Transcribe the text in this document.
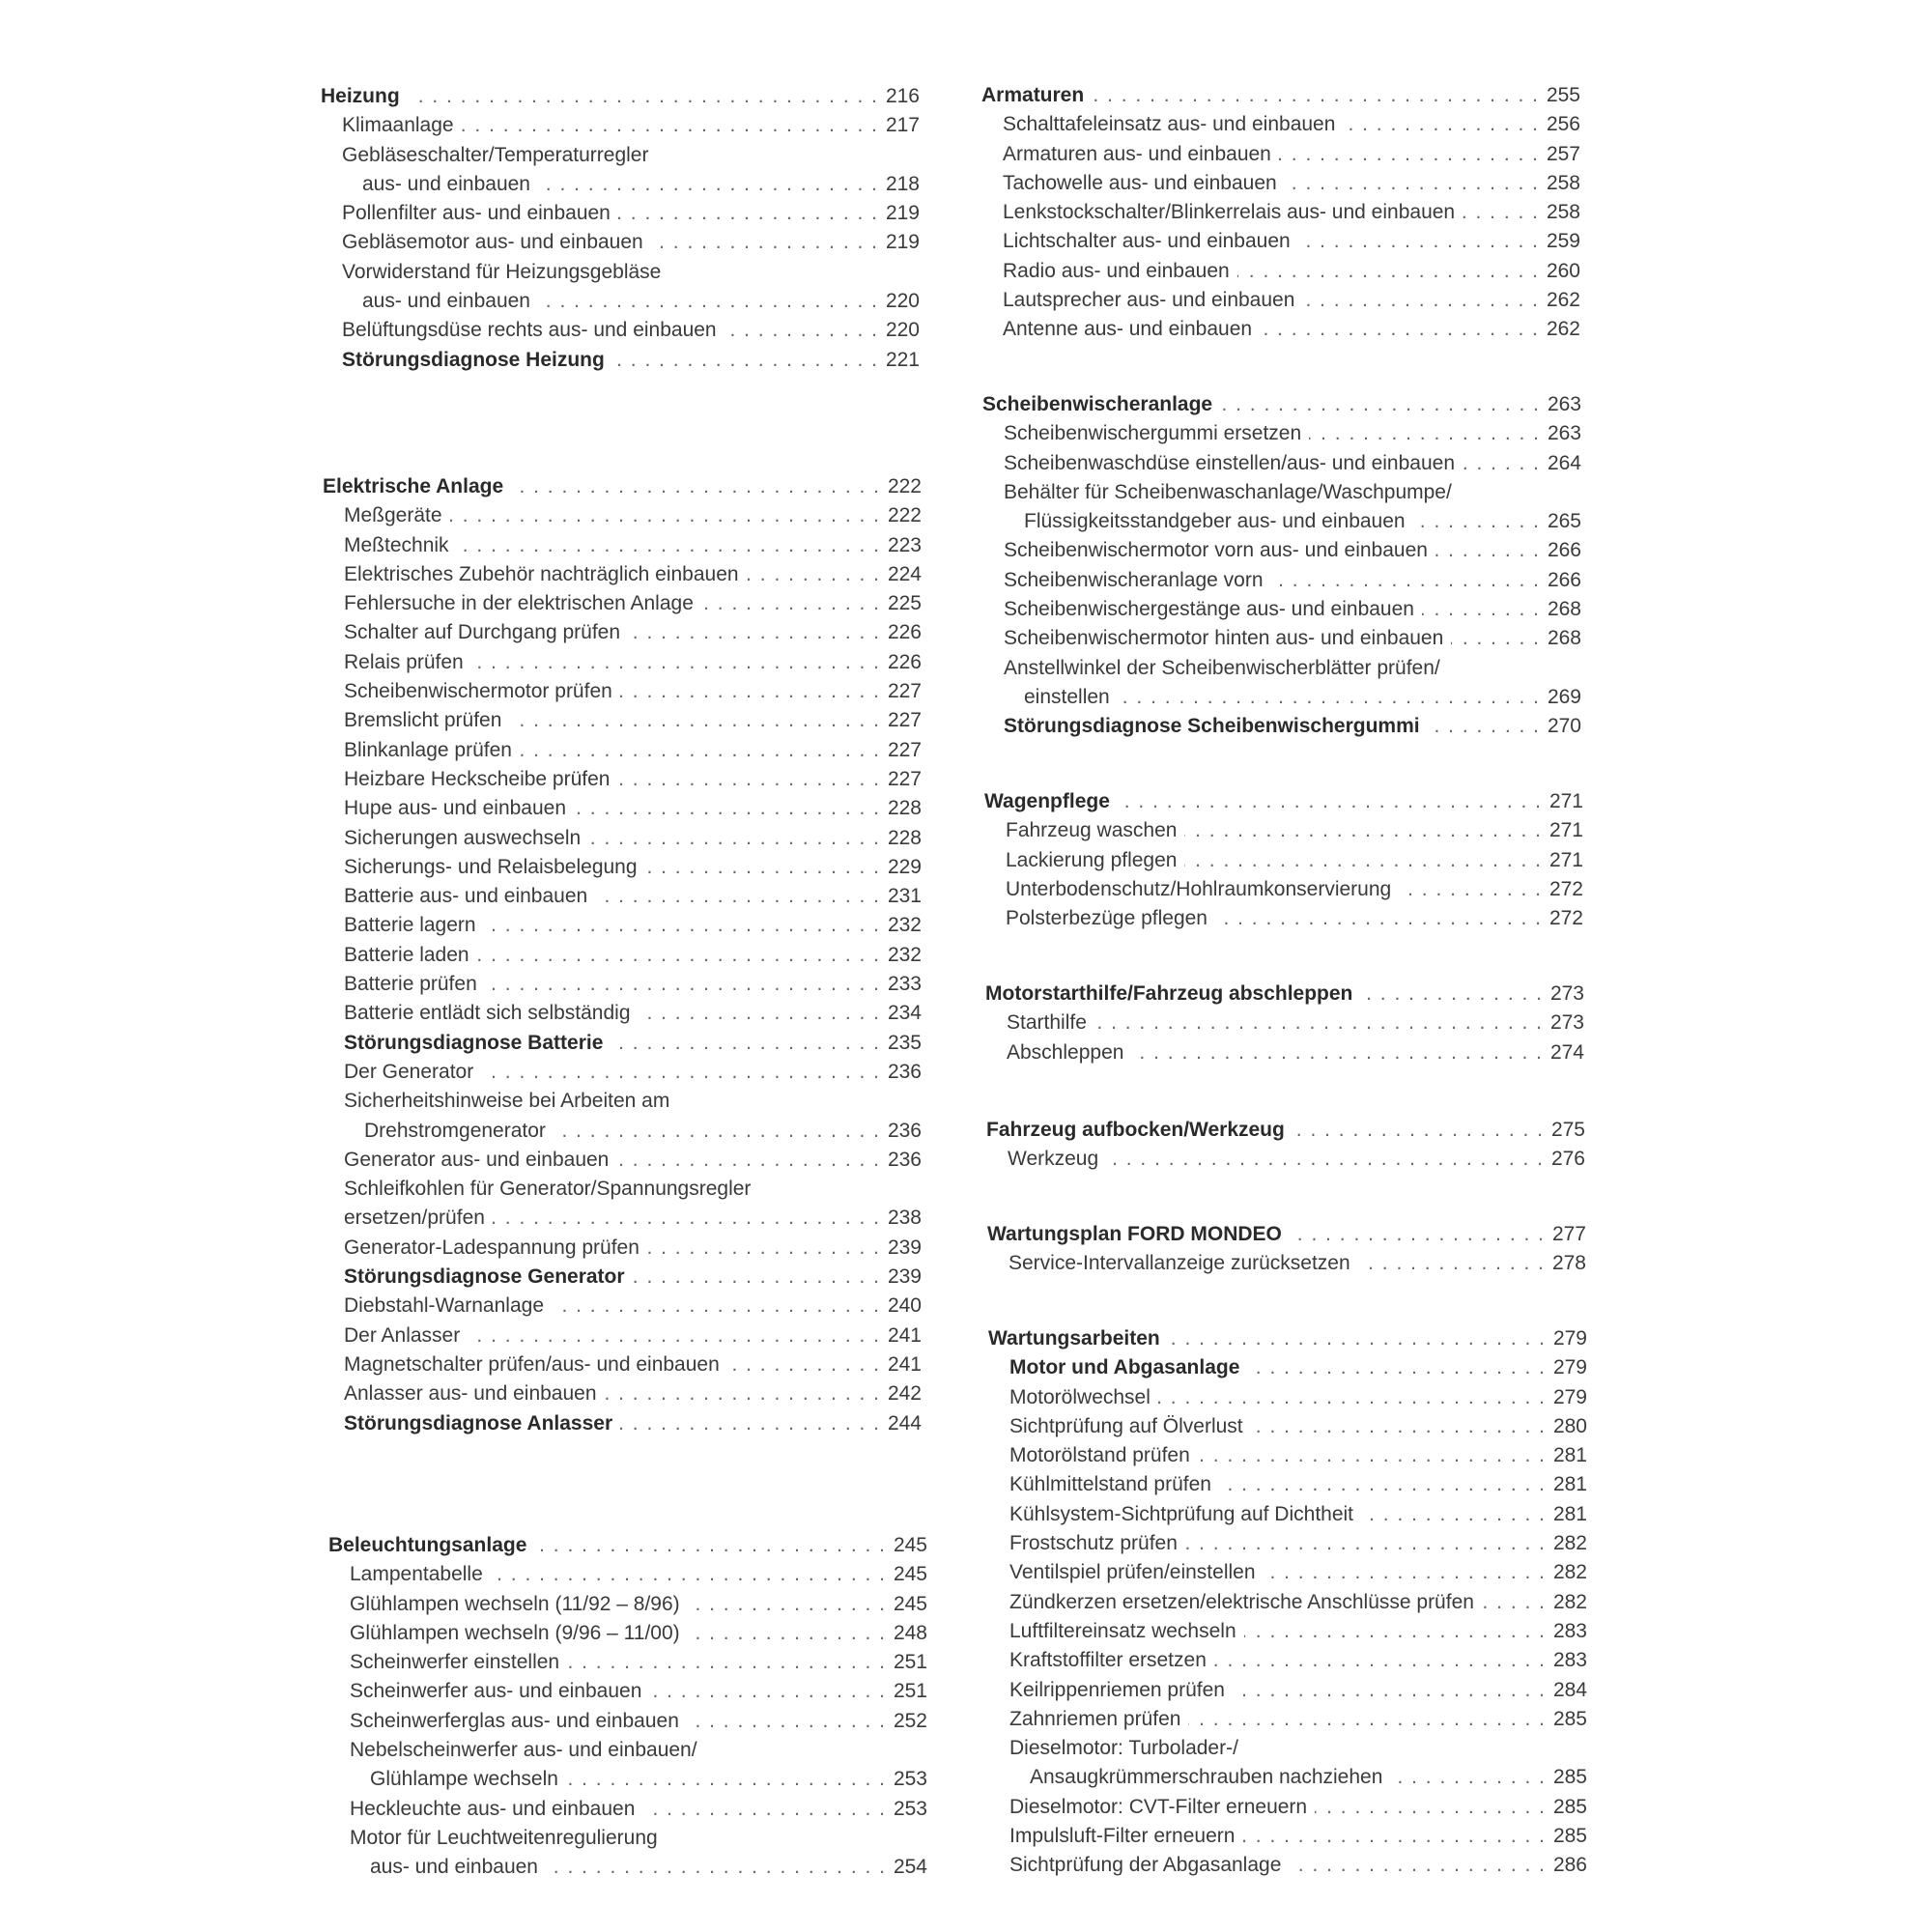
Heizung . . .	216
Klimaanlage . . .	217
Gebläseschalter/Temperaturregler
aus- und einbauen . . .	218
Pollenfilter aus- und einbauen . . .	219
Gebläsemotor aus- und einbauen . . .	219
Vorwiderstand für Heizungsgebläse
aus- und einbauen . . .	220
Belüftungsdüse rechts aus- und einbauen . . .	220
Störungsdiagnose Heizung . . .	221
Elektrische Anlage . . .	222
Meßgeräte . . .	222
Meßtechnik . . .	223
Elektrisches Zubehör nachträglich einbauen . . .	224
Fehlersuche in der elektrischen Anlage . . .	225
Schalter auf Durchgang prüfen . . .	226
Relais prüfen . . .	226
Scheibenwischermotor prüfen . . .	227
Bremslicht prüfen . . .	227
Blinkanlage prüfen . . .	227
Heizbare Heckscheibe prüfen . . .	227
Hupe aus- und einbauen . . .	228
Sicherungen auswechseln . . .	228
Sicherungs- und Relaisbelegung . . .	229
Batterie aus- und einbauen . . .	231
Batterie lagern . . .	232
Batterie laden . . .	232
Batterie prüfen . . .	233
Batterie entlädt sich selbständig . . .	234
Störungsdiagnose Batterie . . .	235
Der Generator . . .	236
Sicherheitshinweise bei Arbeiten am
Drehstromgenerator . . .	236
Generator aus- und einbauen . . .	236
Schleifkohlen für Generator/Spannungsregler
ersetzen/prüfen . . .	238
Generator-Ladespannung prüfen . . .	239
Störungsdiagnose Generator . . .	239
Diebstahl-Warnanlage . . .	240
Der Anlasser . . .	241
Magnetschalter prüfen/aus- und einbauen . . .	241
Anlasser aus- und einbauen . . .	242
Störungsdiagnose Anlasser . . .	244
Beleuchtungsanlage . . .	245
Lampentabelle . . .	245
Glühlampen wechseln (11/92 – 8/96) . . .	245
Glühlampen wechseln (9/96 – 11/00) . . .	248
Scheinwerfer einstellen . . .	251
Scheinwerfer aus- und einbauen . . .	251
Scheinwerferglas aus- und einbauen . . .	252
Nebelscheinwerfer aus- und einbauen/
Glühlampe wechseln . . .	253
Heckleuchte aus- und einbauen . . .	253
Motor für Leuchtweitenregulierung
aus- und einbauen . . .	254
Armaturen . . .	255
Schalttafeleinsatz aus- und einbauen . . .	256
Armaturen aus- und einbauen . . .	257
Tachowelle aus- und einbauen . . .	258
Lenkstockschalter/Blinkerrelais aus- und einbauen . . .	258
Lichtschalter aus- und einbauen . . .	259
Radio aus- und einbauen . . .	260
Lautsprecher aus- und einbauen . . .	262
Antenne aus- und einbauen . . .	262
Scheibenwischeranlage . . .	263
Scheibenwischergummi ersetzen . . .	263
Scheibenwaschdüse einstellen/aus- und einbauen . . .	264
Behälter für Scheibenwaschanlage/Waschpumpe/
Flüssigkeitsstandgeber aus- und einbauen . . .	265
Scheibenwischermotor vorn aus- und einbauen . . .	266
Scheibenwischeranlage vorn . . .	266
Scheibenwischergestänge aus- und einbauen . . .	268
Scheibenwischermotor hinten aus- und einbauen . . .	268
Anstellwinkel der Scheibenwischerblätter prüfen/
einstellen . . .	269
Störungsdiagnose Scheibenwischergummi . . .	270
Wagenpflege . . .	271
Fahrzeug waschen . . .	271
Lackierung pflegen . . .	271
Unterbodenschutz/Hohlraumkonservierung . . .	272
Polsterbezüge pflegen . . .	272
Motorstarthilfe/Fahrzeug abschleppen . . .	273
Starthilfe . . .	273
Abschleppen . . .	274
Fahrzeug aufbocken/Werkzeug . . .	275
Werkzeug . . .	276
Wartungsplan FORD MONDEO . . .	277
Service-Intervallanzeige zurücksetzen . . .	278
Wartungsarbeiten . . .	279
Motor und Abgasanlage . . .	279
Motorölwechsel . . .	279
Sichtprüfung auf Ölverlust . . .	280
Motorölstand prüfen . . .	281
Kühlmittelstand prüfen . . .	281
Kühlsystem-Sichtprüfung auf Dichtheit . . .	281
Frostschutz prüfen . . .	282
Ventilspiel prüfen/einstellen . . .	282
Zündkerzen ersetzen/elektrische Anschlüsse prüfen . . .	282
Luftfiltereinsatz wechseln . . .	283
Kraftstoffilter ersetzen . . .	283
Keilrippenriemen prüfen . . .	284
Zahnriemen prüfen . . .	285
Dieselmotor: Turbolader-/
Ansaugkrümmerschrauben nachziehen . . .	285
Dieselmotor: CVT-Filter erneuern . . .	285
Impulsluft-Filter erneuern . . .	285
Sichtprüfung der Abgasanlage . . .	286
